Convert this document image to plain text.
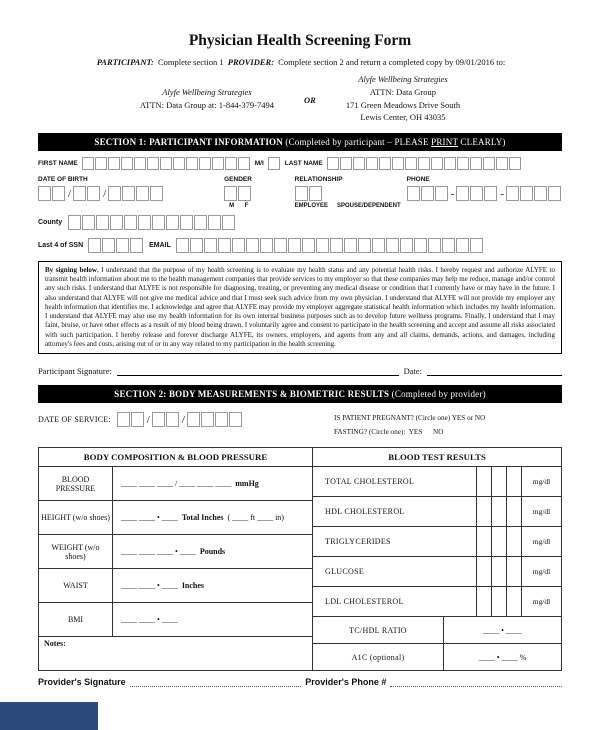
Physician Health Screening Form
PARTICIPANT: Complete section 1 PROVIDER: Complete section 2 and return a completed copy by 09/01/2016 to:
Alyfe Wellbeing Strategies
ATTN: Data Group at: 1-844-379-7494	OR
Alyfe Wellbeing Strategies
ATTN: Data Group
171 Green Meadows Drive South
Lewis Center, OH 43035
SECTION 1: PARTICIPANT INFORMATION (Completed by participant – PLEASE PRINT CLEARLY)
FIRST NAME	M/I	LAST NAME
DATE OF BIRTH
/	/
GENDER
M	F
RELATIONSHIP
EMPLOYEE SPOUSE/DEPENDENT
PHONE
-	-
County
Last 4 of SSN	EMAIL
By signing below, I understand that the purpose of my health screening is to evaluate my health status and any potential health risks. I hereby request and authorize ALYFE to transmit health information about me to the health management companies that provide services to my employer so that these companies may help me reduce, manage and/or control any such risks. I understand that ALYFE is not responsible for diagnosing, treating, or preventing any medical disease or condition that I currently have or may have in the future. I also understand that ALYFE will not give me medical advice and that I must seek such advice from my own physician. I understand that ALYFE will not provide my employer any health information that identifies me. I acknowledge and agree that ALYFE may provide my employer aggregate statistical health information which includes my health information. I understand that ALYFE may also use my health information for its own internal business purposes such as to develop future wellness programs. Finally, I understand that I may faint, bruise, or have other effects as a result of my blood being drawn. I voluntarily agree and consent to participate in the health screening and accept and assume all risks associated with such participation. I hereby release and forever discharge ALYFE, its owners, employers, and agents from any and all claims, demands, actions, and damages, including attorney's fees and costs, arising out of or in any way related to my participation in the health screening.
Participant Signature:	Date:
SECTION 2: BODY MEASUREMENTS & BIOMETRIC RESULTS (Completed by provider)
DATE OF SERVICE:	/	/	IS PATIENT PREGNANT? (Circle one) YES or NO
FASTING? (Circle one):  YES      NO
BODY COMPOSITION & BLOOD PRESSURE
BLOOD PRESSURE	____ ____ ____ / ____ ____ ____ mmHg
HEIGHT (w/o shoes)	____ ____ • ____ Total Inches ( ____ ft ____ in)
WEIGHT (w/o shoes)	____ ____ ____ • ____ Pounds
WAIST	____ ____ • ____ Inches
BMI	____ ____ • ____
Notes:
BLOOD TEST RESULTS
TOTAL CHOLESTEROL	mg/dl
HDL CHOLESTEROL	mg/dl
TRIGLYCERIDES	mg/dl
GLUCOSE	mg/dl
LDL CHOLESTEROL	mg/dl
TC/HDL RATIO	____ • ____
A1C (optional)	____ • ____ %
Provider's Signature	Provider's Phone #
